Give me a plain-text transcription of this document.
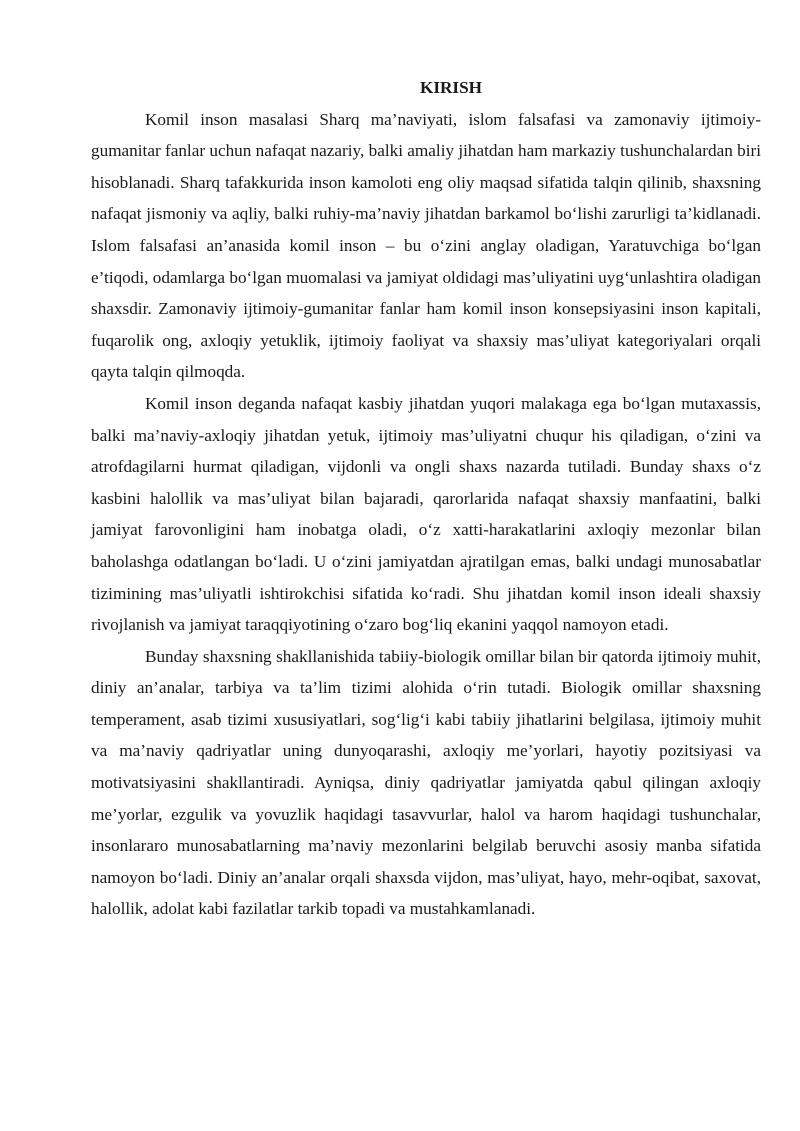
KIRISH

Komil inson masalasi Sharq ma’naviyati, islom falsafasi va zamonaviy ijtimoiy-gumanitar fanlar uchun nafaqat nazariy, balki amaliy jihatdan ham markaziy tushunchalardan biri hisoblanadi. Sharq tafakkurida inson kamoloti eng oliy maqsad sifatida talqin qilinib, shaxsning nafaqat jismoniy va aqliy, balki ruhiy-ma’naviy jihatdan barkamol bo‘lishi zarurligi ta’kidlanadi. Islom falsafasi an’anasida komil inson – bu o‘zini anglay oladigan, Yaratuvchiga bo‘lgan e’tiqodi, odamlarga bo‘lgan muomalasi va jamiyat oldidagi mas’uliyatini uyg‘unlashtira oladigan shaxsdir. Zamonaviy ijtimoiy-gumanitar fanlar ham komil inson konsepsiyasini inson kapitali, fuqarolik ong, axloqiy yetuklik, ijtimoiy faoliyat va shaxsiy mas’uliyat kategoriyalari orqali qayta talqin qilmoqda.

Komil inson deganda nafaqat kasbiy jihatdan yuqori malakaga ega bo‘lgan mutaxassis, balki ma’naviy-axloqiy jihatdan yetuk, ijtimoiy mas’uliyatni chuqur his qiladigan, o‘zini va atrofdagilarni hurmat qiladigan, vijdonli va ongli shaxs nazarda tutiladi. Bunday shaxs o‘z kasbini halollik va mas’uliyat bilan bajaradi, qarorlarida nafaqat shaxsiy manfaatini, balki jamiyat farovonligini ham inobatga oladi, o‘z xatti-harakatlarini axloqiy mezonlar bilan baholashga odatlangan bo‘ladi. U o‘zini jamiyatdan ajratilgan emas, balki undagi munosabatlar tizimining mas’uliyatli ishtirokchisi sifatida ko‘radi. Shu jihatdan komil inson ideali shaxsiy rivojlanish va jamiyat taraqqiyotining o‘zaro bog‘liq ekanini yaqqol namoyon etadi.

Bunday shaxsning shakllanishida tabiiy-biologik omillar bilan bir qatorda ijtimoiy muhit, diniy an’analar, tarbiya va ta’lim tizimi alohida o‘rin tutadi. Biologik omillar shaxsning temperament, asab tizimi xususiyatlari, sog‘lig‘i kabi tabiiy jihatlarini belgilasa, ijtimoiy muhit va ma’naviy qadriyatlar uning dunyoqarashi, axloqiy me’yorlari, hayotiy pozitsiyasi va motivatsiyasini shakllantiradi. Ayniqsa, diniy qadriyatlar jamiyatda qabul qilingan axloqiy me’yorlar, ezgulik va yovuzlik haqidagi tasavvurlar, halol va harom haqidagi tushunchalar, insonlararo munosabatlarning ma’naviy mezonlarini belgilab beruvchi asosiy manba sifatida namoyon bo‘ladi. Diniy an’analar orqali shaxsda vijdon, mas’uliyat, hayo, mehr-oqibat, saxovat, halollik, adolat kabi fazilatlar tarkib topadi va mustahkamlanadi.
